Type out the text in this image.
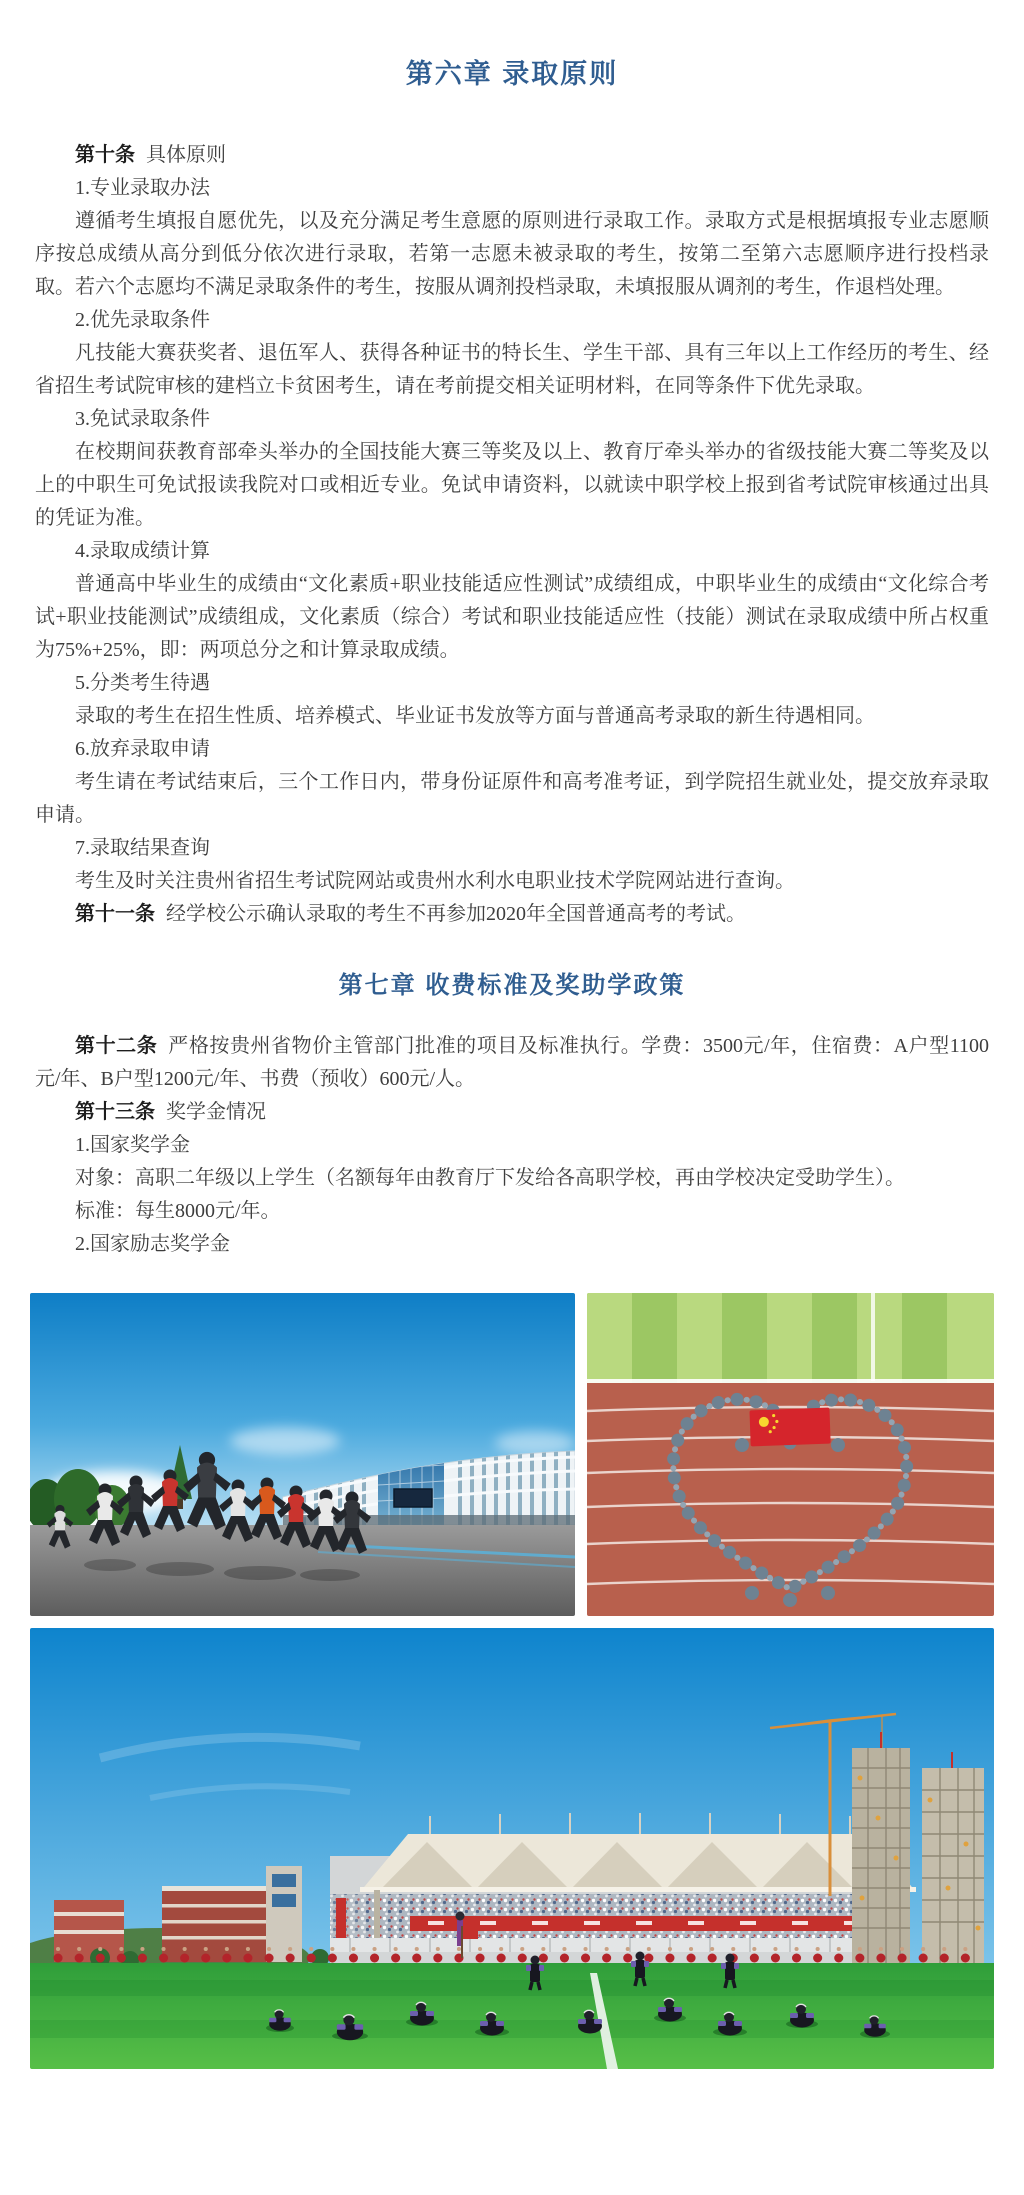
第六章 录取原则

第十条 具体原则

1.专业录取办法

遵循考生填报自愿优先，以及充分满足考生意愿的原则进行录取工作。录取方式是根据填报专业志愿顺序按总成绩从高分到低分依次进行录取，若第一志愿未被录取的考生，按第二至第六志愿顺序进行投档录取。若六个志愿均不满足录取条件的考生，按服从调剂投档录取，未填报服从调剂的考生，作退档处理。

2.优先录取条件

凡技能大赛获奖者、退伍军人、获得各种证书的特长生、学生干部、具有三年以上工作经历的考生、经省招生考试院审核的建档立卡贫困考生，请在考前提交相关证明材料，在同等条件下优先录取。

3.免试录取条件

在校期间获教育部牵头举办的全国技能大赛三等奖及以上、教育厅牵头举办的省级技能大赛二等奖及以上的中职生可免试报读我院对口或相近专业。免试申请资料，以就读中职学校上报到省考试院审核通过出具的凭证为准。

4.录取成绩计算

普通高中毕业生的成绩由“文化素质+职业技能适应性测试”成绩组成，中职毕业生的成绩由“文化综合考试+职业技能测试”成绩组成，文化素质（综合）考试和职业技能适应性（技能）测试在录取成绩中所占权重为75%+25%，即：两项总分之和计算录取成绩。

5.分类考生待遇

录取的考生在招生性质、培养模式、毕业证书发放等方面与普通高考录取的新生待遇相同。

6.放弃录取申请

考生请在考试结束后，三个工作日内，带身份证原件和高考准考证，到学院招生就业处，提交放弃录取申请。

7.录取结果查询

考生及时关注贵州省招生考试院网站或贵州水利水电职业技术学院网站进行查询。

第十一条 经学校公示确认录取的考生不再参加2020年全国普通高考的考试。

第七章 收费标准及奖助学政策

第十二条 严格按贵州省物价主管部门批准的项目及标准执行。学费：3500元/年，住宿费：A户型1100元/年、B户型1200元/年、书费（预收）600元/人。

第十三条 奖学金情况

1.国家奖学金

对象：高职二年级以上学生（名额每年由教育厅下发给各高职学校，再由学校决定受助学生）。

标准：每生8000元/年。

2.国家励志奖学金
